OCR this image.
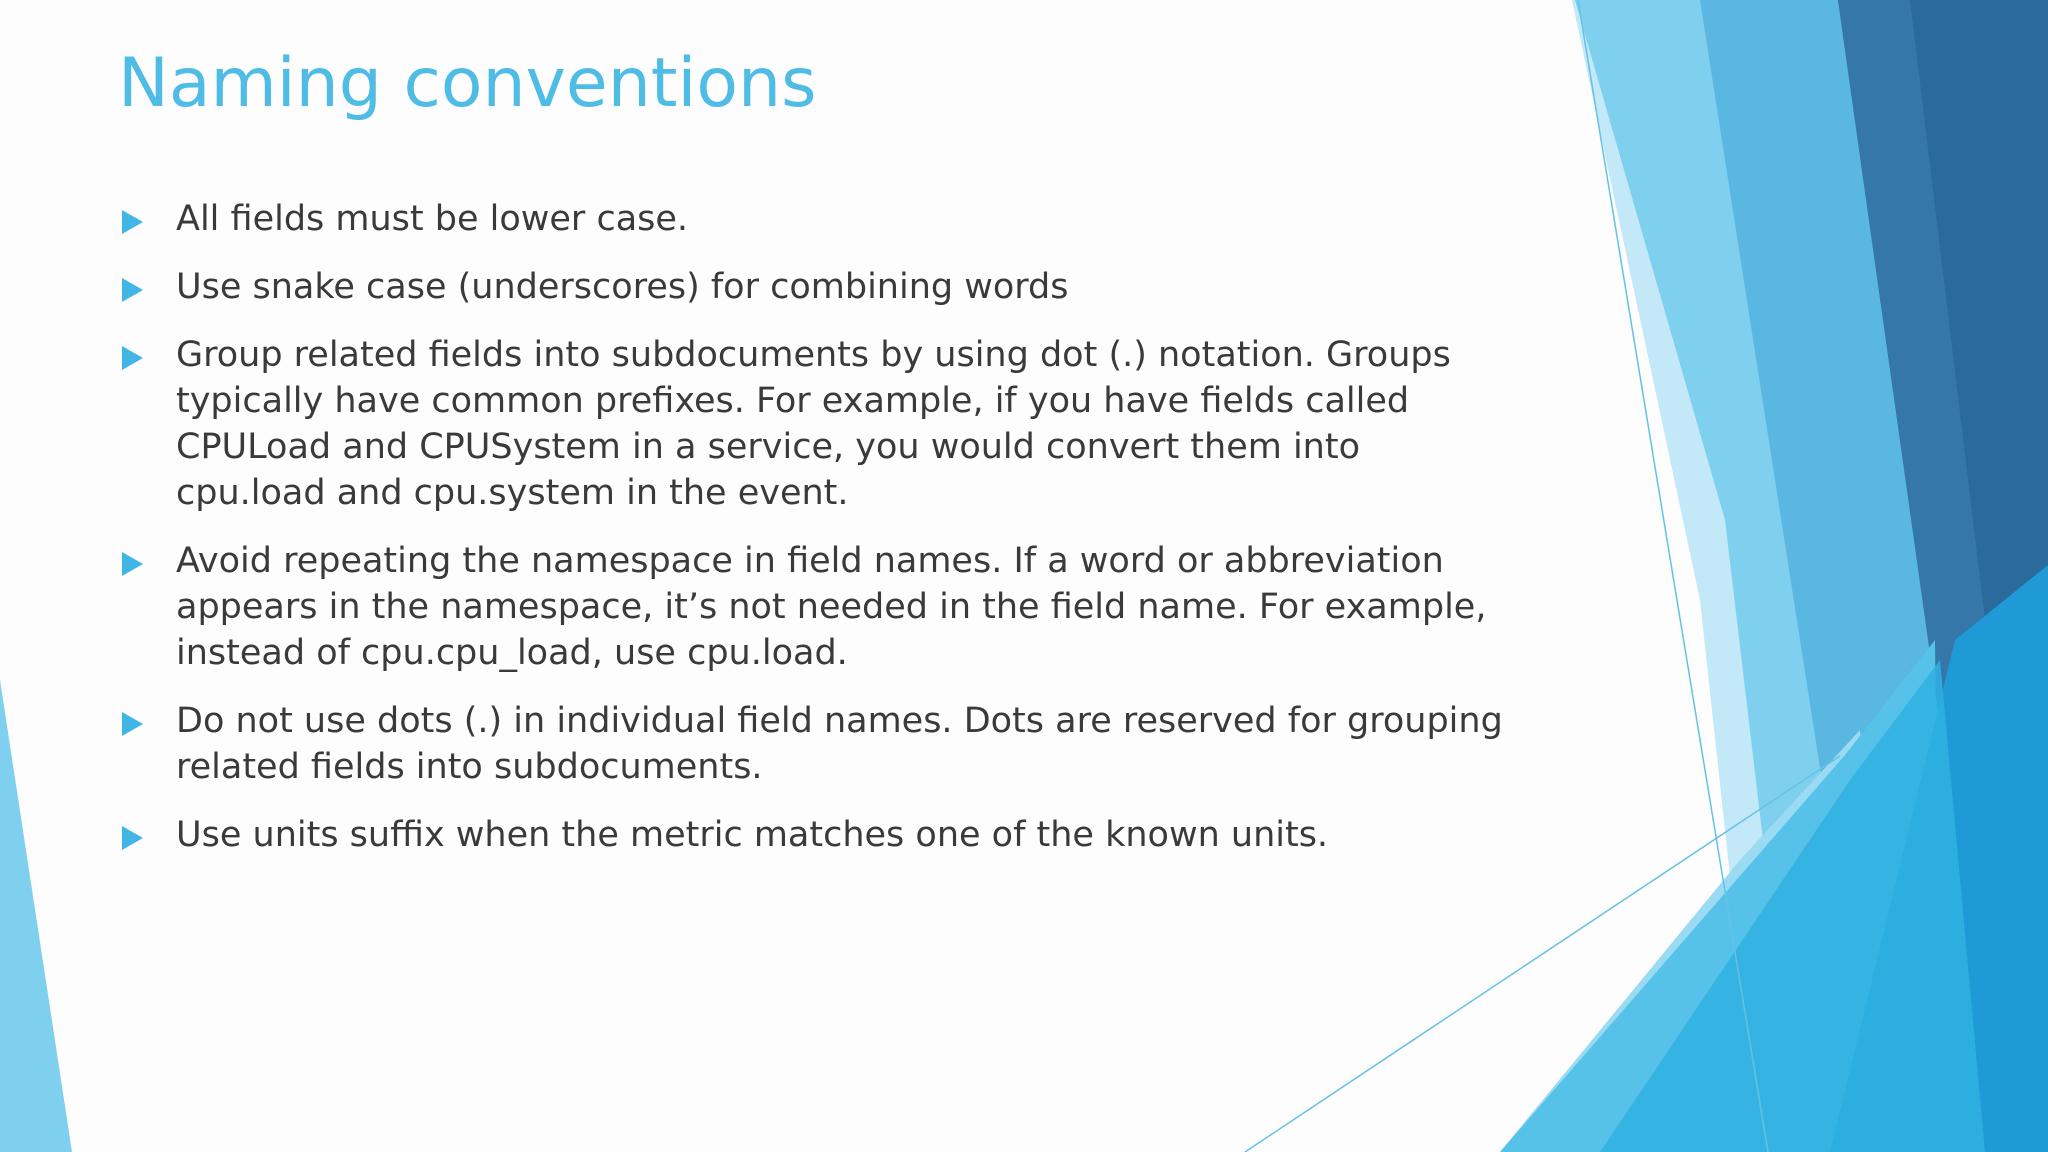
Naming conventions
All fields must be lower case.
Use snake case (underscores) for combining words
Group related fields into subdocuments by using dot (.) notation. Groups typically have common prefixes. For example, if you have fields called CPULoad and CPUSystem in a service, you would convert them into cpu.load and cpu.system in the event.
Avoid repeating the namespace in field names. If a word or abbreviation appears in the namespace, it’s not needed in the field name. For example, instead of cpu.cpu_load, use cpu.load.
Do not use dots (.) in individual field names. Dots are reserved for grouping related fields into subdocuments.
Use units suffix when the metric matches one of the known units.
